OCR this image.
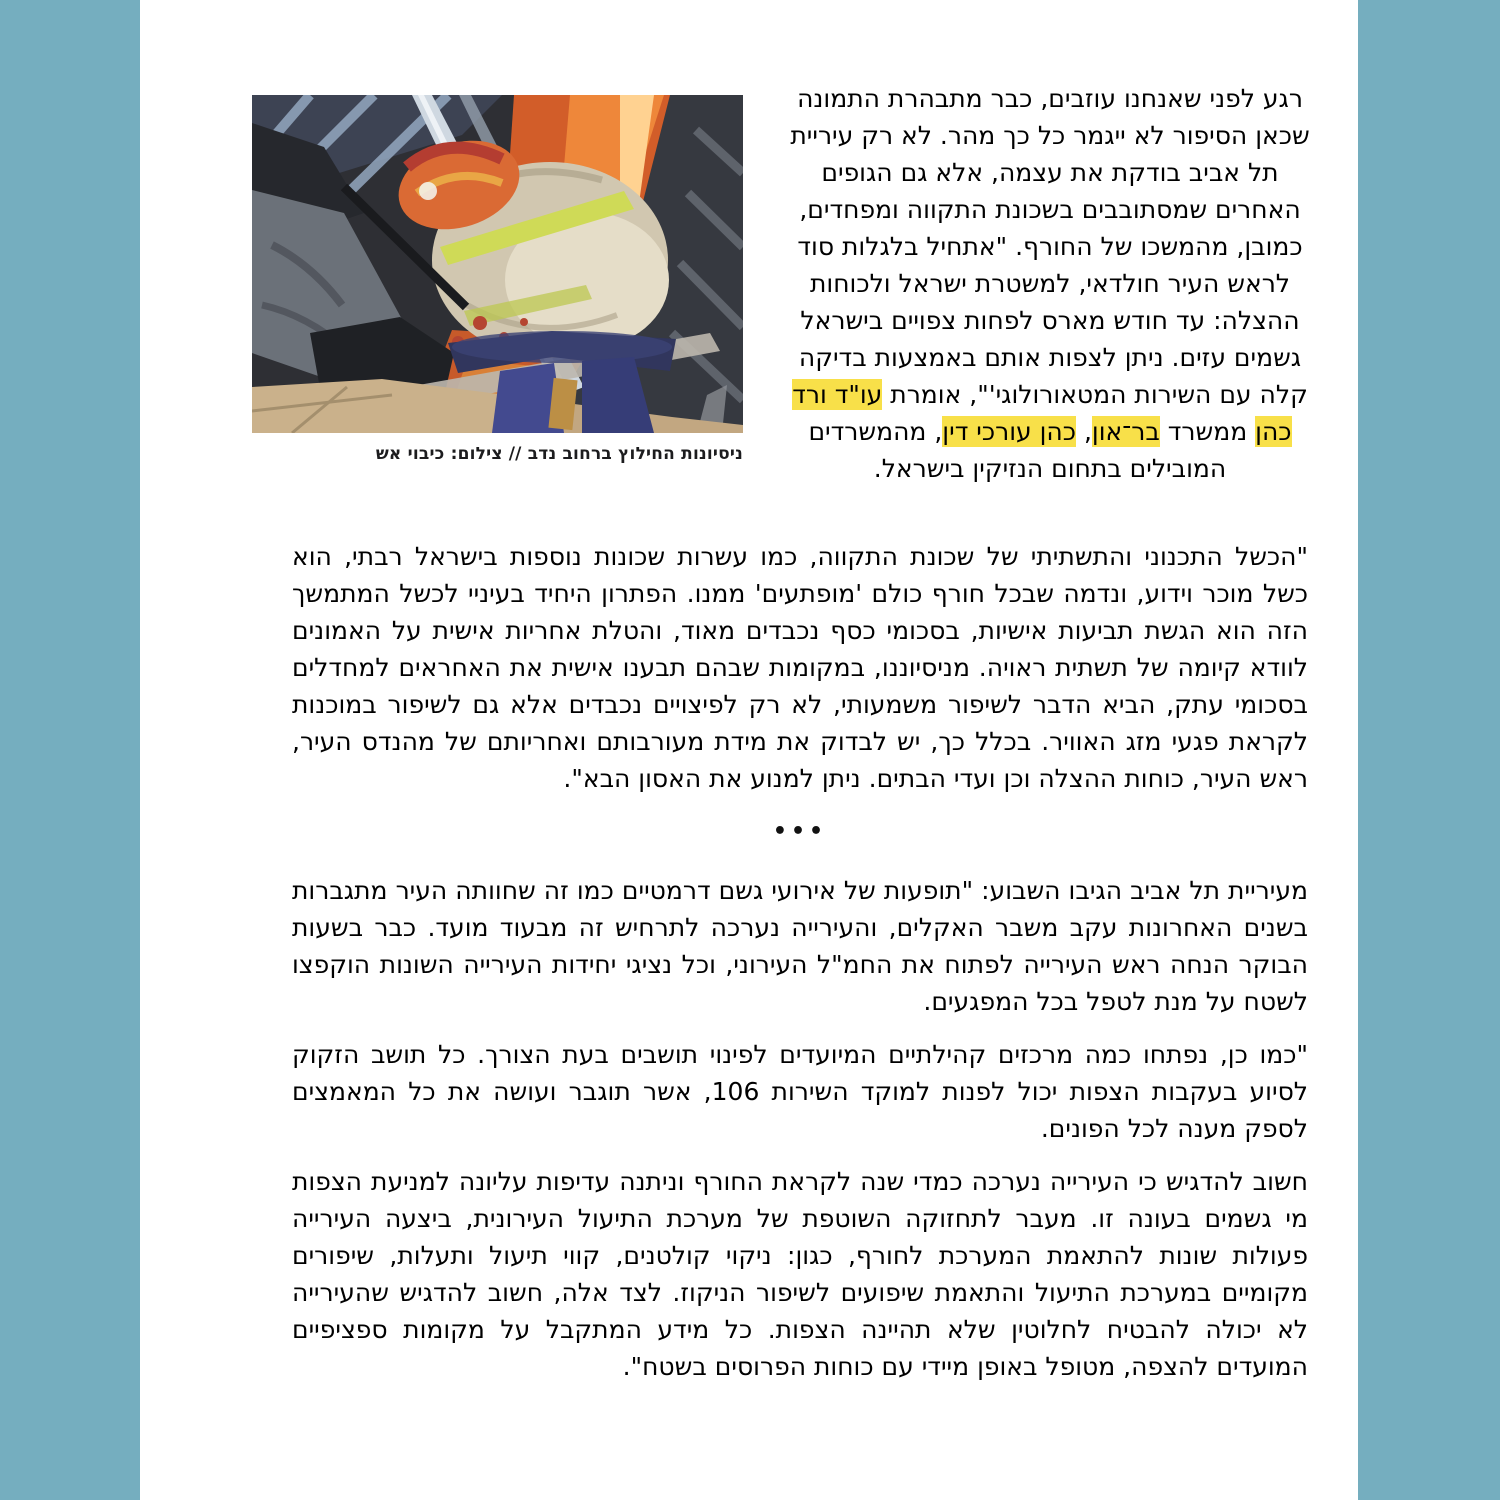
ניסיונות החילוץ ברחוב נדב // צילום: כיבוי אש
רגע לפני שאנחנו עוזבים, כבר מתבהרת התמונה שכאן הסיפור לא ייגמר כל כך מהר. לא רק עיריית תל אביב בודקת את עצמה, אלא גם הגופים האחרים שמסתובבים בשכונת התקווה ומפחדים, כמובן, מהמשכו של החורף. "אתחיל בלגלות סוד לראש העיר חולדאי, למשטרת ישראל ולכוחות ההצלה: עד חודש מארס לפחות צפויים בישראל גשמים עזים. ניתן לצפות אותם באמצעות בדיקה קלה עם השירות המטאורולוגי'", אומרת עו"ד ורד כהן ממשרד בר־און, כהן עורכי דין, מהמשרדים המובילים בתחום הנזיקין בישראל.

"הכשל התכנוני והתשתיתי של שכונת התקווה, כמו עשרות שכונות נוספות בישראל רבתי, הוא כשל מוכר וידוע, ונדמה שבכל חורף כולם 'מופתעים' ממנו. הפתרון היחיד בעיניי לכשל המתמשך הזה הוא הגשת תביעות אישיות, בסכומי כסף נכבדים מאוד, והטלת אחריות אישית על האמונים לוודא קיומה של תשתית ראויה. מניסיוננו, במקומות שבהם תבענו אישית את האחראים למחדלים בסכומי עתק, הביא הדבר לשיפור משמעותי, לא רק לפיצויים נכבדים אלא גם לשיפור במוכנות לקראת פגעי מזג האוויר. בכלל כך, יש לבדוק את מידת מעורבותם ואחריותם של מהנדס העיר, ראש העיר, כוחות ההצלה וכן ועדי הבתים. ניתן למנוע את האסון הבא".

•••

מעיריית תל אביב הגיבו השבוע: "תופעות של אירועי גשם דרמטיים כמו זה שחוותה העיר מתגברות בשנים האחרונות עקב משבר האקלים, והעירייה נערכה לתרחיש זה מבעוד מועד. כבר בשעות הבוקר הנחה ראש העירייה לפתוח את החמ"ל העירוני, וכל נציגי יחידות העירייה השונות הוקפצו לשטח על מנת לטפל בכל המפגעים.

"כמו כן, נפתחו כמה מרכזים קהילתיים המיועדים לפינוי תושבים בעת הצורך. כל תושב הזקוק לסיוע בעקבות הצפות יכול לפנות למוקד השירות 106, אשר תוגבר ועושה את כל המאמצים לספק מענה לכל הפונים.

חשוב להדגיש כי העירייה נערכה כמדי שנה לקראת החורף וניתנה עדיפות עליונה למניעת הצפות מי גשמים בעונה זו. מעבר לתחזוקה השוטפת של מערכת התיעול העירונית, ביצעה העירייה פעולות שונות להתאמת המערכת לחורף, כגון: ניקוי קולטנים, קווי תיעול ותעלות, שיפורים מקומיים במערכת התיעול והתאמת שיפועים לשיפור הניקוז. לצד אלה, חשוב להדגיש שהעירייה לא יכולה להבטיח לחלוטין שלא תהיינה הצפות. כל מידע המתקבל על מקומות ספציפיים המועדים להצפה, מטופל באופן מיידי עם כוחות הפרוסים בשטח".
